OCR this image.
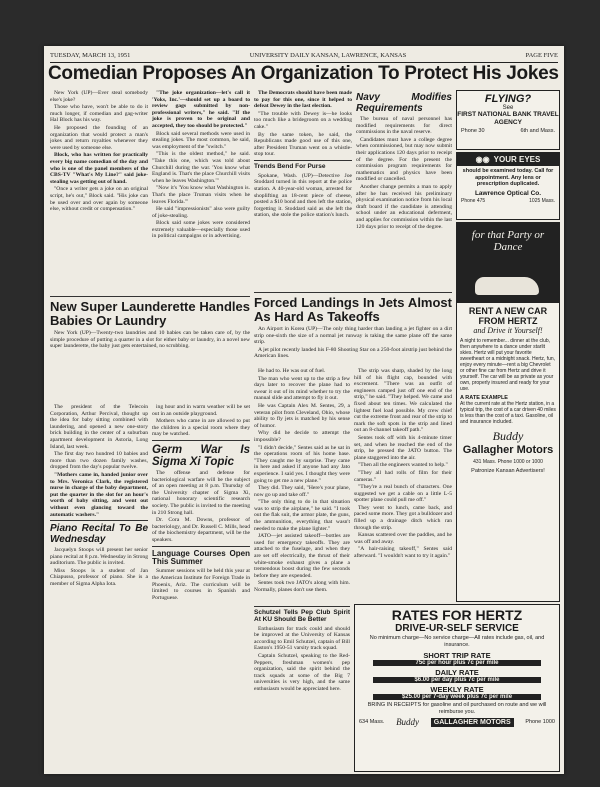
TUESDAY, MARCH 13, 1951	UNIVERSITY DAILY KANSAN, LAWRENCE, KANSAS	PAGE FIVE
Comedian Proposes An Organization To Protect His Jokes

New York (UP)—Ever steal somebody else's joke?

Those who have, won't be able to do it much longer, if comedian and gag-writer Hal Block has his way.

He proposed the founding of an organization that would protect a man's jokes and return royalties whenever they were used by someone else.

Block, who has written for practically every big name comedian of the day and who is one of the panel members of the CBS-TV "What's My Line?" said joke-stealing was getting out of hand.

"Once a writer gets a joke on an original script, he's out," Block said. "His joke can be used over and over again by someone else, without credit or compensation."

New Super Launderette Handles Babies Or Laundry

New York (UP)—Twenty-two laundries and 10 babies can be taken care of, by the simple procedure of putting a quarter in a slot for either baby or laundry, in a novel new super launderette, the baby just gets entertained, no scrubbing.

The president of the Telecoin Corporation, Arthur Percival, thought up the idea for baby sitting combined with laundering, and opened a new one-story brick building in the center of a suburban apartment development in Astoria, Long Island, last week.

The first day two hundred 10 babies and more than two dozen family washes, dropped from the day's popular twelve.

"Mothers came in, handed junior over to Mrs. Veronica Clark, the registered nurse in charge of the baby department, put the quarter in the slot for an hour's worth of baby sitting, and went out without even glancing toward the automatic washers."

Piano Recital To Be Wednesday

Jacquelyn Stoops will present her senior piano recital at 8 p.m. Wednesday in Strong auditorium. The public is invited.

Miss Stoops is a student of Jan Chiapusso, professor of piano. She is a member of Sigma Alpha Iota.

"The joke organization—let's call it 'Yoks, Inc.'—should set up a board to review gags submitted by non-professional writers," he said. "If the joke is proven to be original and accepted, they too should be protected."

Block said several methods were used in stealing jokes. The most common, he said, was employment of the "switch."

"This is the oldest method," he said. "Take this one, which was told about Churchill during the war. 'You know what England is. That's the place Churchill visits when he leaves Washington.'"

"Now it's 'You know what Washington is. That's the place Truman visits when he leaves Florida.'"

He said "impressionists" also were guilty of joke-stealing.

Block said some jokes were considered extremely valuable—especially those used in political campaigns or in advertising.

ing hour and in warm weather will be set out in an outside playground.

Mothers who came in are allowed to put the children in a special room where they may be watched.

Germ War Is Sigma Xi Topic

The offense and defense for bacteriological warfare will be the subject of an open meeting at 8 p.m. Thursday of the University chapter of Sigma Xi, national honorary scientific research society. The public is invited to the meeting in 210 Strong hall.

Dr. Cora M. Downs, professor of bacteriology, and Dr. Russell C. Mills, head of the biochemistry department, will be the speakers.

Language Courses Open This Summer

Summer sessions will be held this year at the American Institute for Foreign Trade in Phoenix, Ariz. The curriculum will be limited to courses in Spanish and Portuguese.

The Democrats should have been made to pay for this one, since it helped to defeat Dewey in the last election.

"The trouble with Dewey is—he looks too much like a bridegroom on a wedding cake."

By the same token, he said, the Republicans made good use of this one, after President Truman went on a whistle-stop tour.

Trends Bend For Purse

Spokane, Wash. (UP)—Detective Joe Stoddard turned in this report at the police station. A 40-year-old woman, arrested for shoplifting an 18-cent piece of cheese, posted a $10 bond and then left the station, forgetting it. Stoddard said as she left the station, she stole the police station's lunch.

Navy Modifies Requirements

The bureau of naval personnel has modified requirements for direct commissions in the naval reserve.

Candidates must have a college degree when commissioned, but may now submit their applications 120 days prior to receipt of the degree. For the present the commission program requirements for mathematics and physics have been modified or cancelled.

Another change permits a man to apply after he has received his preliminary physical examination notice from his local draft board if the candidate is attending school under an educational deferment, and applies for commission within the last 120 days prior to receipt of the degree.

Forced Landings In Jets Almost As Hard As Takeoffs

An Airport in Korea (UP)—The only thing harder than landing a jet fighter on a dirt strip one-sixth the size of a normal jet runway is taking the same plane off the same strip.

A jet pilot recently landed his F-80 Shooting Star on a 250-foot airstrip just behind the American lines.

He had to. He was out of fuel.

The man who went up to the strip a few days later to recover the plane had to swear it out of its mind whether to try the manual slide and attempt to fly it out.

He was Captain Alex M. Sentes, 29, a veteran pilot from Cleveland, Ohio, whose ability to fly jets is matched by his sense of humor.

Why did he decide to attempt the impossible?

"I didn't decide," Sentes said as he sat in the operations room of his home base. "They caught me by surprise. They came in here and asked if anyone had any Jato experience. I said yes. I thought they were going to get me a new plane."

They did. They said, "Here's your plane, now go up and take off."

"The only thing to do in that situation was to strip the airplane," he said. "I took out the flak suit, the armor plate, the guns, the ammunition, everything that wasn't needed to make the plane lighter."

JATO—jet assisted takeoff—bottles are used for emergency takeoffs. They are attached to the fuselage, and when they are set off electrically, the thrust of their white-smoke exhaust gives a plane a tremendous boost during the few seconds before they are expended.

Sentes took two JATO's along with him. Normally, planes don't use them.

The strip was sharp, shaded by the long hill of his flight cap, bounded with excrement. "There was an outfit of engineers camped just off one end of the strip," he said. "They helped. We came and fixed about ten times. We calculated the lightest fuel load possible. My crew chief cut the extreme front and rear of the strip to mark the soft spots in the strip and lined out an 8-channel takeoff path."

Sentes took off with his 4-minute timer set, and when he reached the end of the strip, he pressed the JATO button. The plane staggered into the air.

"Then all the engineers wanted to help."

"They all had rolls of film for their cameras."

"They're a real bunch of characters. One suggested we get a cable on a little L-5 spotter plane could pull me off."

They went to lunch, came back, and paced some more. They got a bulldozer and filled up a drainage ditch which ran through the strip.

Kansas scattered over the paddles, and he was off and away.

"A hair-raising takeoff," Sentes said afterward. "I wouldn't want to try it again."

Schutzel Tells Pep Club Spirit At KU Should Be Better

Enthusiasm for track could and should be improved at the University of Kansas according to Emil Schutzel, captain of Bill Easton's 1950-51 varsity track squad.

Captain Schutzel, speaking to the Red-Peppers, freshman women's pep organization, said the spirit behind the track squads at some of the Big 7 universities is very high, and the same enthusiasm would be appreciated here.

FLYING?
See
FIRST NATIONAL BANK TRAVEL AGENCY
Phone 30	6th and Mass.
◉◉ YOUR EYES
should be examined today. Call for appointment. Any lens or prescription duplicated.
Lawrence Optical Co.
Phone 475	1025 Mass.
for that Party or Dance
RENT A NEW CAR FROM HERTZ
and Drive it Yourself!
A night to remember... dinner at the club, then anywhere to a dance under starlit skies. Hertz will put your favorite sweetheart or a midnight snack. Hertz, fun, enjoy every minute—rent a big Chevrolet or other fine car from Hertz and drive it yourself. The car will be as private as your own, properly insured and ready for your use.
A RATE EXAMPLE
At the current rate at the Hertz station, in a typical trip, the cost of a car driven 40 miles is less than the cost of a taxi. Gasoline, oil and insurance included.
Buddy
Gallagher Motors
431 Mass. Phone 1000 or 1000
Patronize Kansan Advertisers!
RATES FOR HERTZ
DRIVE-UR-SELF SERVICE
No minimum charge—No service charge—All rates include gas, oil, and insurance.
SHORT TRIP RATE
75c per hour plus 7c per mile
DAILY RATE
$6.00 per day plus 7c per mile
WEEKLY RATE
$25.00 per 7-day week plus 7c per mile
BRING IN RECEIPTS for gasoline and oil purchased on route and we will reimburse you.
634 Mass. Buddy	GALLAGHER MOTORS	Phone 1000
